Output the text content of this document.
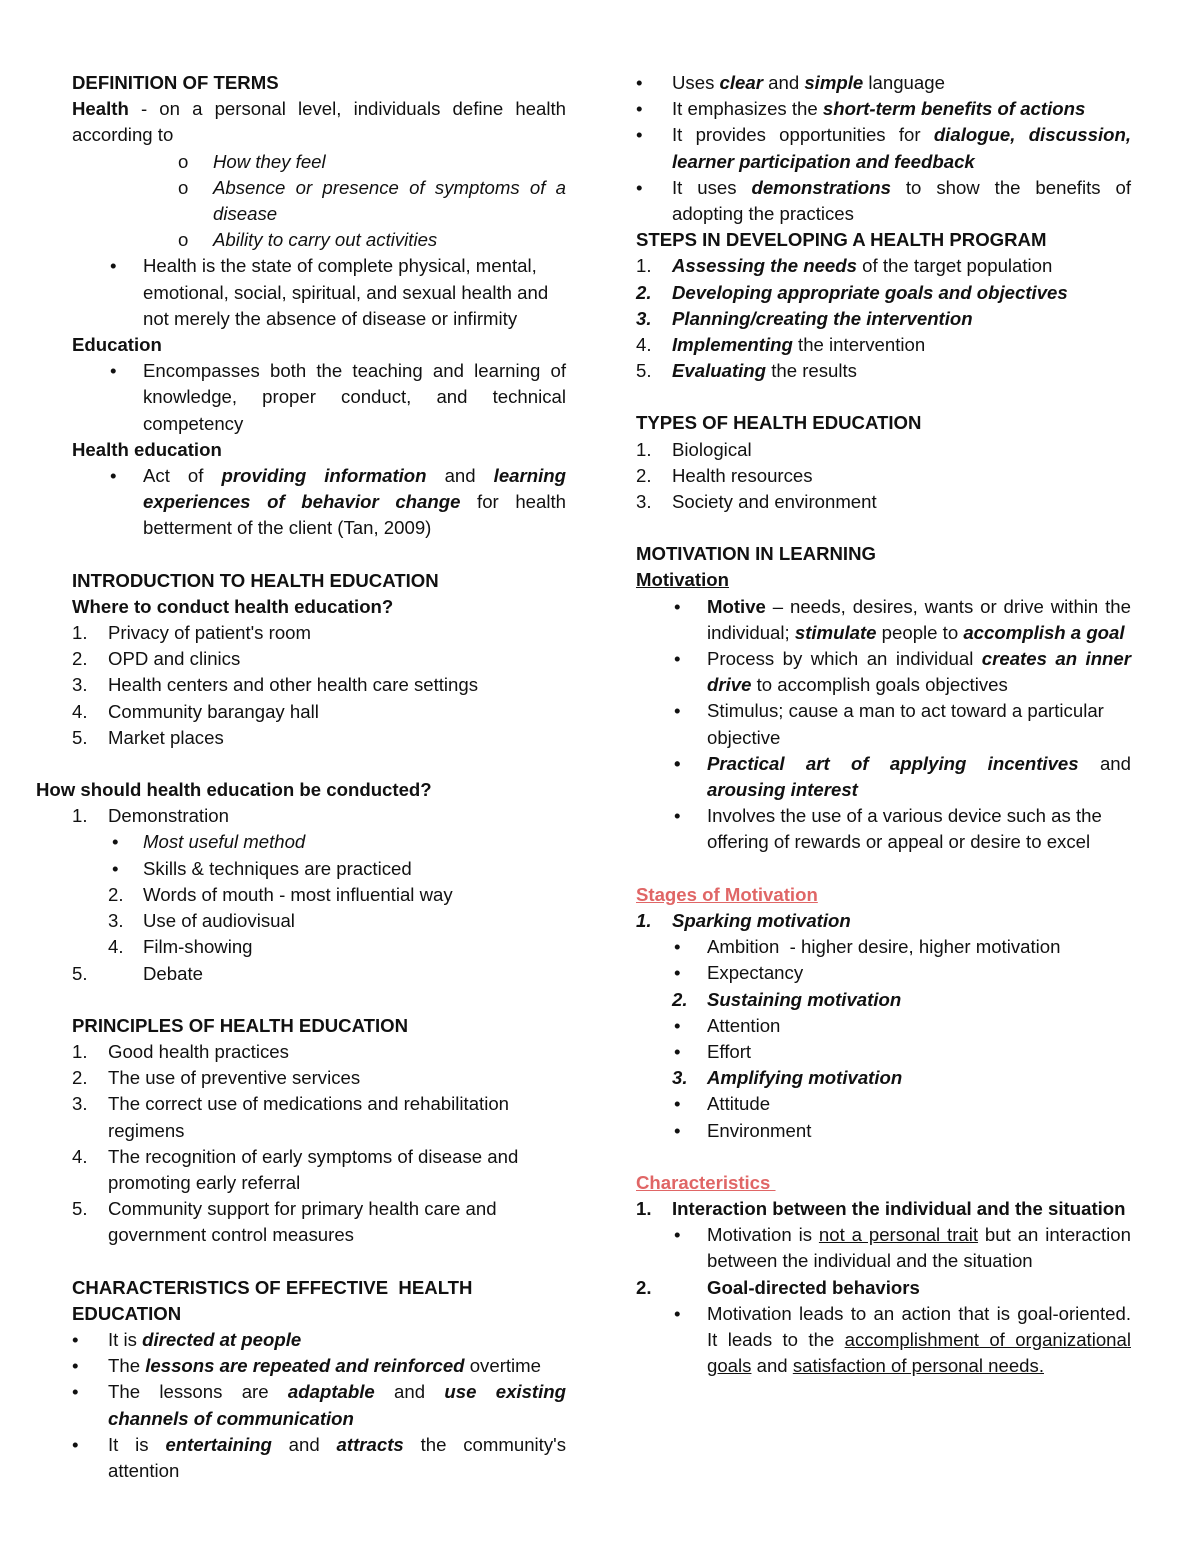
DEFINITION OF TERMS
Health - on a personal level, individuals define health according to
o How they feel
o Absence or presence of symptoms of a disease
o Ability to carry out activities
• Health is the state of complete physical, mental, emotional, social, spiritual, and sexual health and not merely the absence of disease or infirmity
Education
• Encompasses both the teaching and learning of knowledge, proper conduct, and technical competency
Health education
• Act of providing information and learning experiences of behavior change for health betterment of the client (Tan, 2009)
INTRODUCTION TO HEALTH EDUCATION
Where to conduct health education?
1. Privacy of patient's room
2. OPD and clinics
3. Health centers and other health care settings
4. Community barangay hall
5. Market places
How should health education be conducted?
1. Demonstration
• Most useful method
• Skills & techniques are practiced
2. Words of mouth - most influential way
3. Use of audiovisual
4. Film-showing
5.	Debate
PRINCIPLES OF HEALTH EDUCATION
1. Good health practices
2. The use of preventive services
3. The correct use of medications and rehabilitation regimens
4. The recognition of early symptoms of disease and promoting early referral
5. Community support for primary health care and government control measures
CHARACTERISTICS OF EFFECTIVE  HEALTH EDUCATION
• It is directed at people
• The lessons are repeated and reinforced overtime
• The lessons are adaptable and use existing channels of communication
• It is entertaining and attracts the community's attention
• Uses clear and simple language
• It emphasizes the short-term benefits of actions
• It provides opportunities for dialogue, discussion, learner participation and feedback
• It uses demonstrations to show the benefits of adopting the practices
STEPS IN DEVELOPING A HEALTH PROGRAM
1. Assessing the needs of the target population
2. Developing appropriate goals and objectives
3. Planning/creating the intervention
4. Implementing the intervention
5. Evaluating the results
TYPES OF HEALTH EDUCATION
1. Biological
2. Health resources
3. Society and environment
MOTIVATION IN LEARNING
Motivation
• Motive – needs, desires, wants or drive within the individual; stimulate people to accomplish a goal
• Process by which an individual creates an inner drive to accomplish goals objectives
• Stimulus; cause a man to act toward a particular objective
• Practical art of applying incentives and arousing interest
• Involves the use of a various device such as the offering of rewards or appeal or desire to excel
Stages of Motivation
1. Sparking motivation
• Ambition  - higher desire, higher motivation
• Expectancy
2. Sustaining motivation
• Attention
• Effort
3. Amplifying motivation
• Attitude
• Environment
Characteristics
1. Interaction between the individual and the situation
• Motivation is not a personal trait but an interaction between the individual and the situation
2.	Goal-directed behaviors
• Motivation leads to an action that is goal-oriented. It leads to the accomplishment of organizational goals and satisfaction of personal needs.
